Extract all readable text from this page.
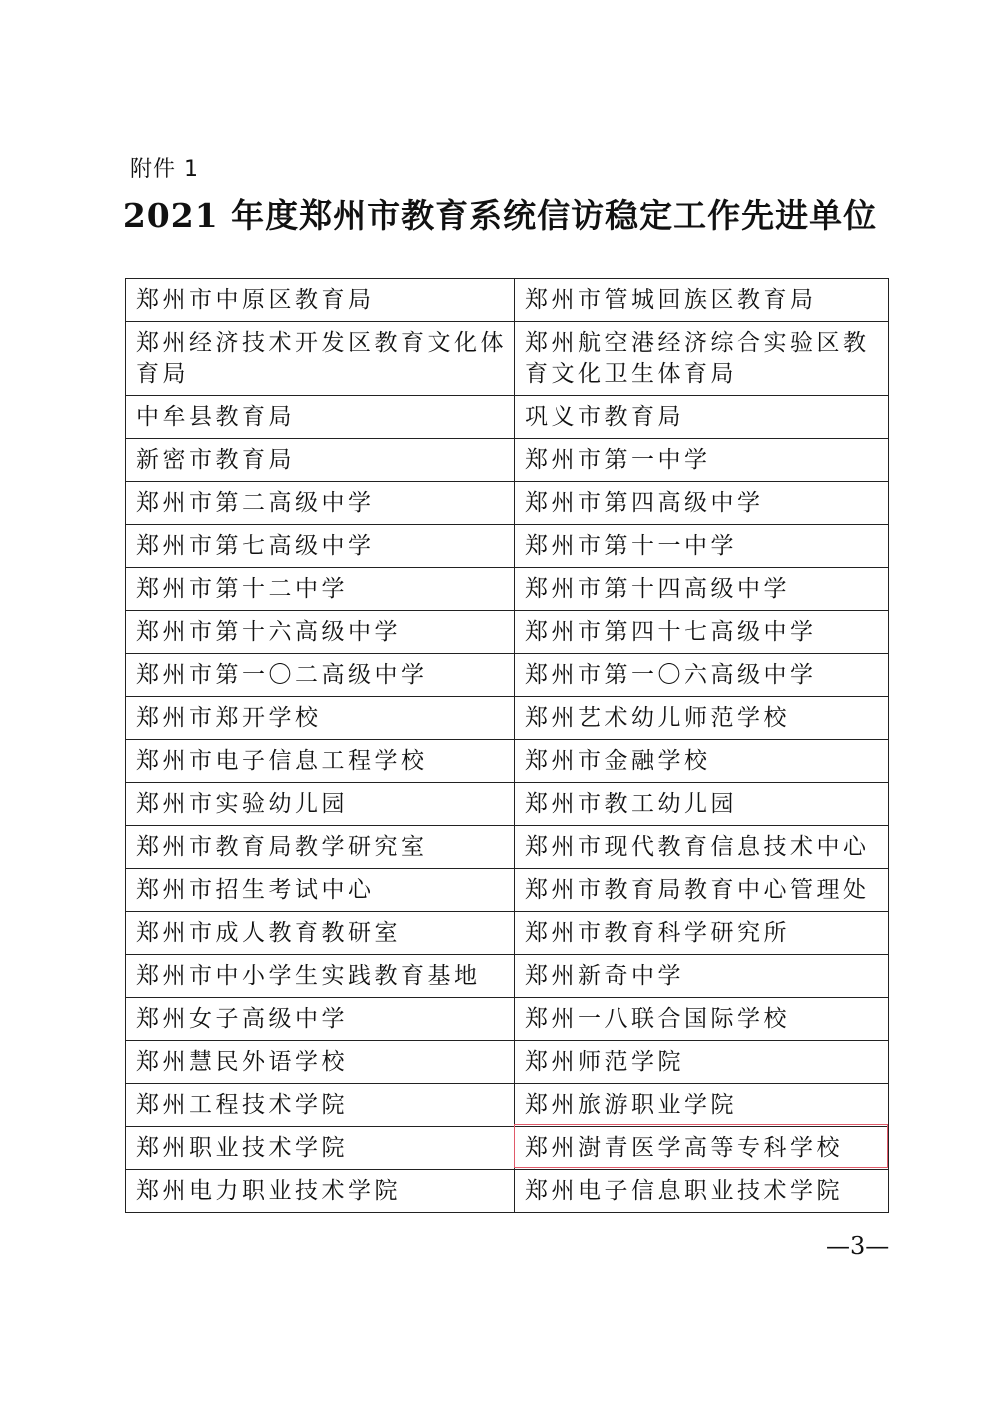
附件 1
2021 年度郑州市教育系统信访稳定工作先进单位
郑州市中原区教育局	郑州市管城回族区教育局
郑州经济技术开发区教育文化体育局	郑州航空港经济综合实验区教育文化卫生体育局
中牟县教育局	巩义市教育局
新密市教育局	郑州市第一中学
郑州市第二高级中学	郑州市第四高级中学
郑州市第七高级中学	郑州市第十一中学
郑州市第十二中学	郑州市第十四高级中学
郑州市第十六高级中学	郑州市第四十七高级中学
郑州市第一〇二高级中学	郑州市第一〇六高级中学
郑州市郑开学校	郑州艺术幼儿师范学校
郑州市电子信息工程学校	郑州市金融学校
郑州市实验幼儿园	郑州市教工幼儿园
郑州市教育局教学研究室	郑州市现代教育信息技术中心
郑州市招生考试中心	郑州市教育局教育中心管理处
郑州市成人教育教研室	郑州市教育科学研究所
郑州市中小学生实践教育基地	郑州新奇中学
郑州女子高级中学	郑州一八联合国际学校
郑州慧民外语学校	郑州师范学院
郑州工程技术学院	郑州旅游职业学院
郑州职业技术学院	郑州澍青医学高等专科学校
郑州电力职业技术学院	郑州电子信息职业技术学院
—3—
